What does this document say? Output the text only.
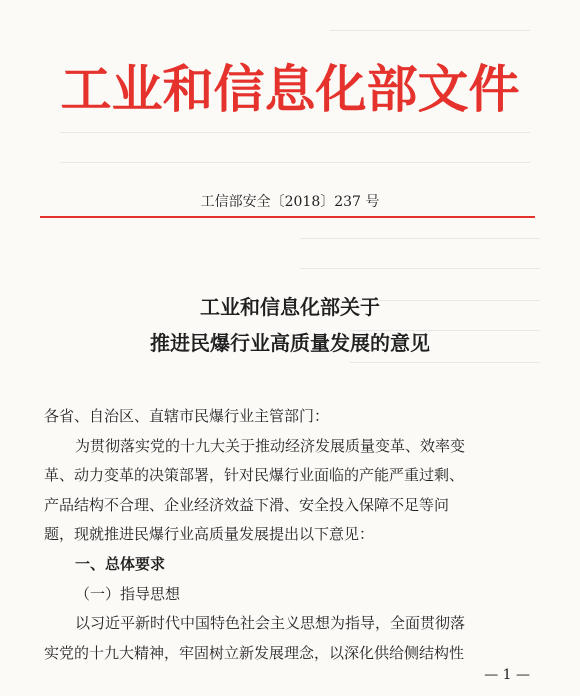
工业和信息化部文件
工信部安全〔2018〕237 号
工业和信息化部关于
推进民爆行业高质量发展的意见

各省、自治区、直辖市民爆行业主管部门：

为贯彻落实党的十九大关于推动经济发展质量变革、效率变

革、动力变革的决策部署，针对民爆行业面临的产能严重过剩、

产品结构不合理、企业经济效益下滑、安全投入保障不足等问

题，现就推进民爆行业高质量发展提出以下意见：

一、总体要求

（一）指导思想

以习近平新时代中国特色社会主义思想为指导，全面贯彻落

实党的十九大精神，牢固树立新发展理念，以深化供给侧结构性

— 1 —
